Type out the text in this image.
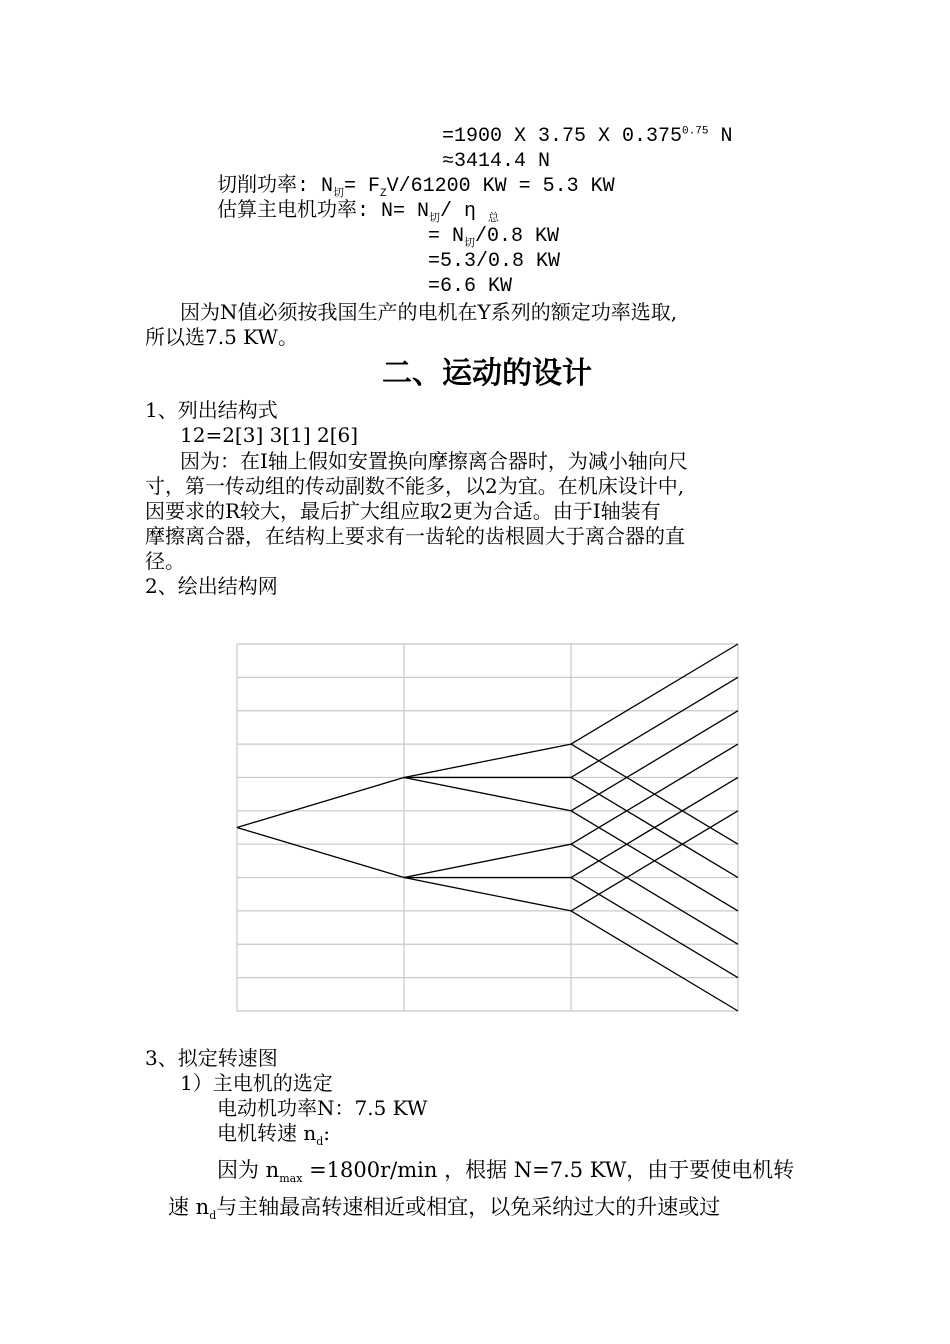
=1900 X 3.75 X $0.375^{0.75}$ N
≈3414.4 N
切削功率: $N_切= F_ZV/61200$ KW = 5.3 KW
估算主电机功率: $N= N_切/$ η $_总$
= $N_切/0.8$ KW
=5.3/0.8 KW
=6.6 KW
因为N值必须按我国生产的电机在Y系列的额定功率选取,
所以选7.5 KW。
二、运动的设计
1、列出结构式
12=2[3] 3[1] 2[6]
因为：在I轴上假如安置换向摩擦离合器时，为减小轴向尺
寸，第一传动组的传动副数不能多，以2为宜。在机床设计中,
因要求的R较大，最后扩大组应取2更为合适。由于I轴装有
摩擦离合器，在结构上要求有一齿轮的齿根圆大于离合器的直
径。
2、绘出结构网
3、拟定转速图
1）主电机的选定
电动机功率N：7.5 KW
电机转速 $n_d$:
因为 $n_{max} =1800r/\min$ ，根据 N=7.5 KW，由于要使电机转
速 $n_d$与主轴最高转速相近或相宜，以免采纳过大的升速或过
